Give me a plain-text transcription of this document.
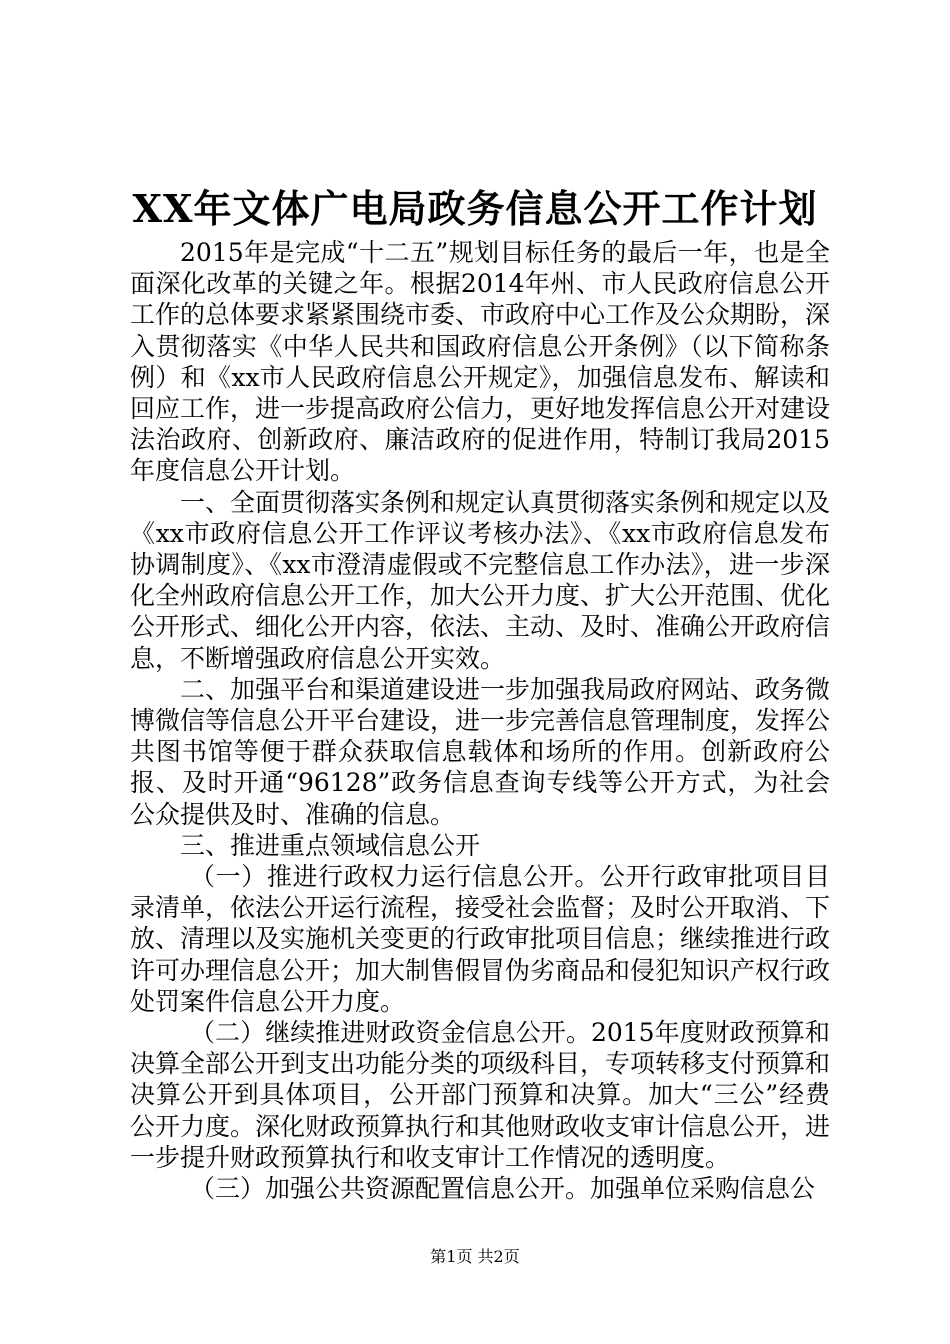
XX年文体广电局政务信息公开工作计划

2015年是完成“十二五”规划目标任务的最后一年，也是全面深化改革的关键之年。根据2014年州、市人民政府信息公开工作的总体要求紧紧围绕市委、市政府中心工作及公众期盼，深入贯彻落实《中华人民共和国政府信息公开条例》（以下简称条例）和《xx市人民政府信息公开规定》，加强信息发布、解读和回应工作，进一步提高政府公信力，更好地发挥信息公开对建设法治政府、创新政府、廉洁政府的促进作用，特制订我局2015年度信息公开计划。

一、全面贯彻落实条例和规定认真贯彻落实条例和规定以及《xx市政府信息公开工作评议考核办法》、《xx市政府信息发布协调制度》、《xx市澄清虚假或不完整信息工作办法》，进一步深化全州政府信息公开工作，加大公开力度、扩大公开范围、优化公开形式、细化公开内容，依法、主动、及时、准确公开政府信息，不断增强政府信息公开实效。

二、加强平台和渠道建设进一步加强我局政府网站、政务微博微信等信息公开平台建设，进一步完善信息管理制度，发挥公共图书馆等便于群众获取信息载体和场所的作用。创新政府公报、及时开通“96128”政务信息查询专线等公开方式，为社会公众提供及时、准确的信息。

三、推进重点领域信息公开

（一）推进行政权力运行信息公开。公开行政审批项目目录清单，依法公开运行流程，接受社会监督；及时公开取消、下放、清理以及实施机关变更的行政审批项目信息；继续推进行政许可办理信息公开；加大制售假冒伪劣商品和侵犯知识产权行政处罚案件信息公开力度。

（二）继续推进财政资金信息公开。2015年度财政预算和决算全部公开到支出功能分类的项级科目，专项转移支付预算和决算公开到具体项目，公开部门预算和决算。加大“三公”经费公开力度。深化财政预算执行和其他财政收支审计信息公开，进一步提升财政预算执行和收支审计工作情况的透明度。

（三）加强公共资源配置信息公开。加强单位采购信息公

第1页 共2页
